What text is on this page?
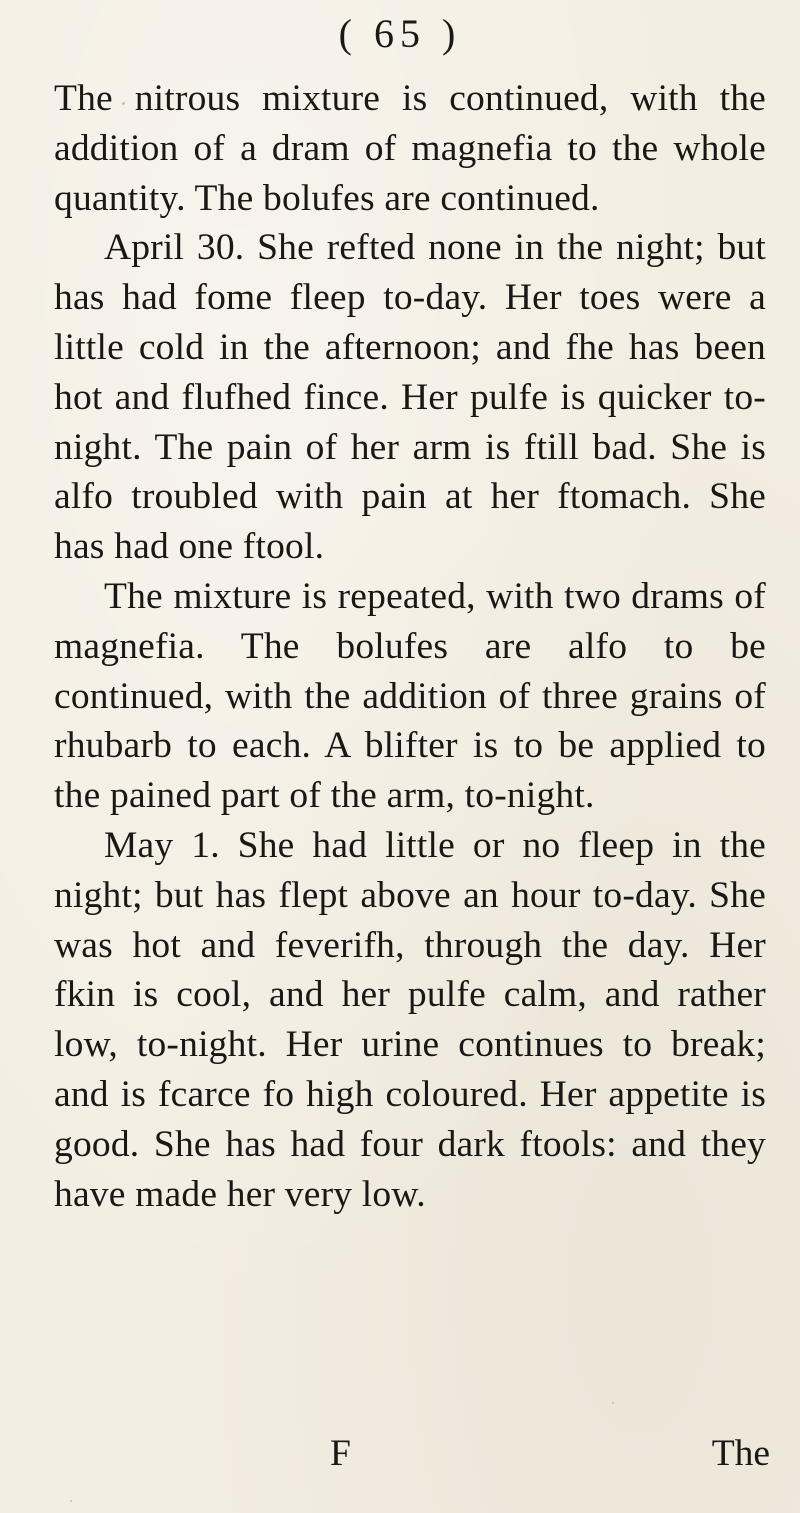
( 65 )

The nitrous mixture is continued, with the addition of a dram of magnefia to the whole quantity. The bolufes are continued.

April 30. She refted none in the night; but has had fome fleep to-day. Her toes were a little cold in the afternoon; and fhe has been hot and flufhed fince. Her pulfe is quicker to-night. The pain of her arm is ftill bad. She is alfo troubled with pain at her ftomach. She has had one ftool.

The mixture is repeated, with two drams of magnefia. The bolufes are alfo to be continued, with the addition of three grains of rhubarb to each. A blifter is to be applied to the pained part of the arm, to-night.

May 1. She had little or no fleep in the night; but has flept above an hour to-day. She was hot and feverifh, through the day. Her fkin is cool, and her pulfe calm, and rather low, to-night. Her urine continues to break; and is fcarce fo high coloured. Her appetite is good. She has had four dark ftools: and they have made her very low.

F	The
